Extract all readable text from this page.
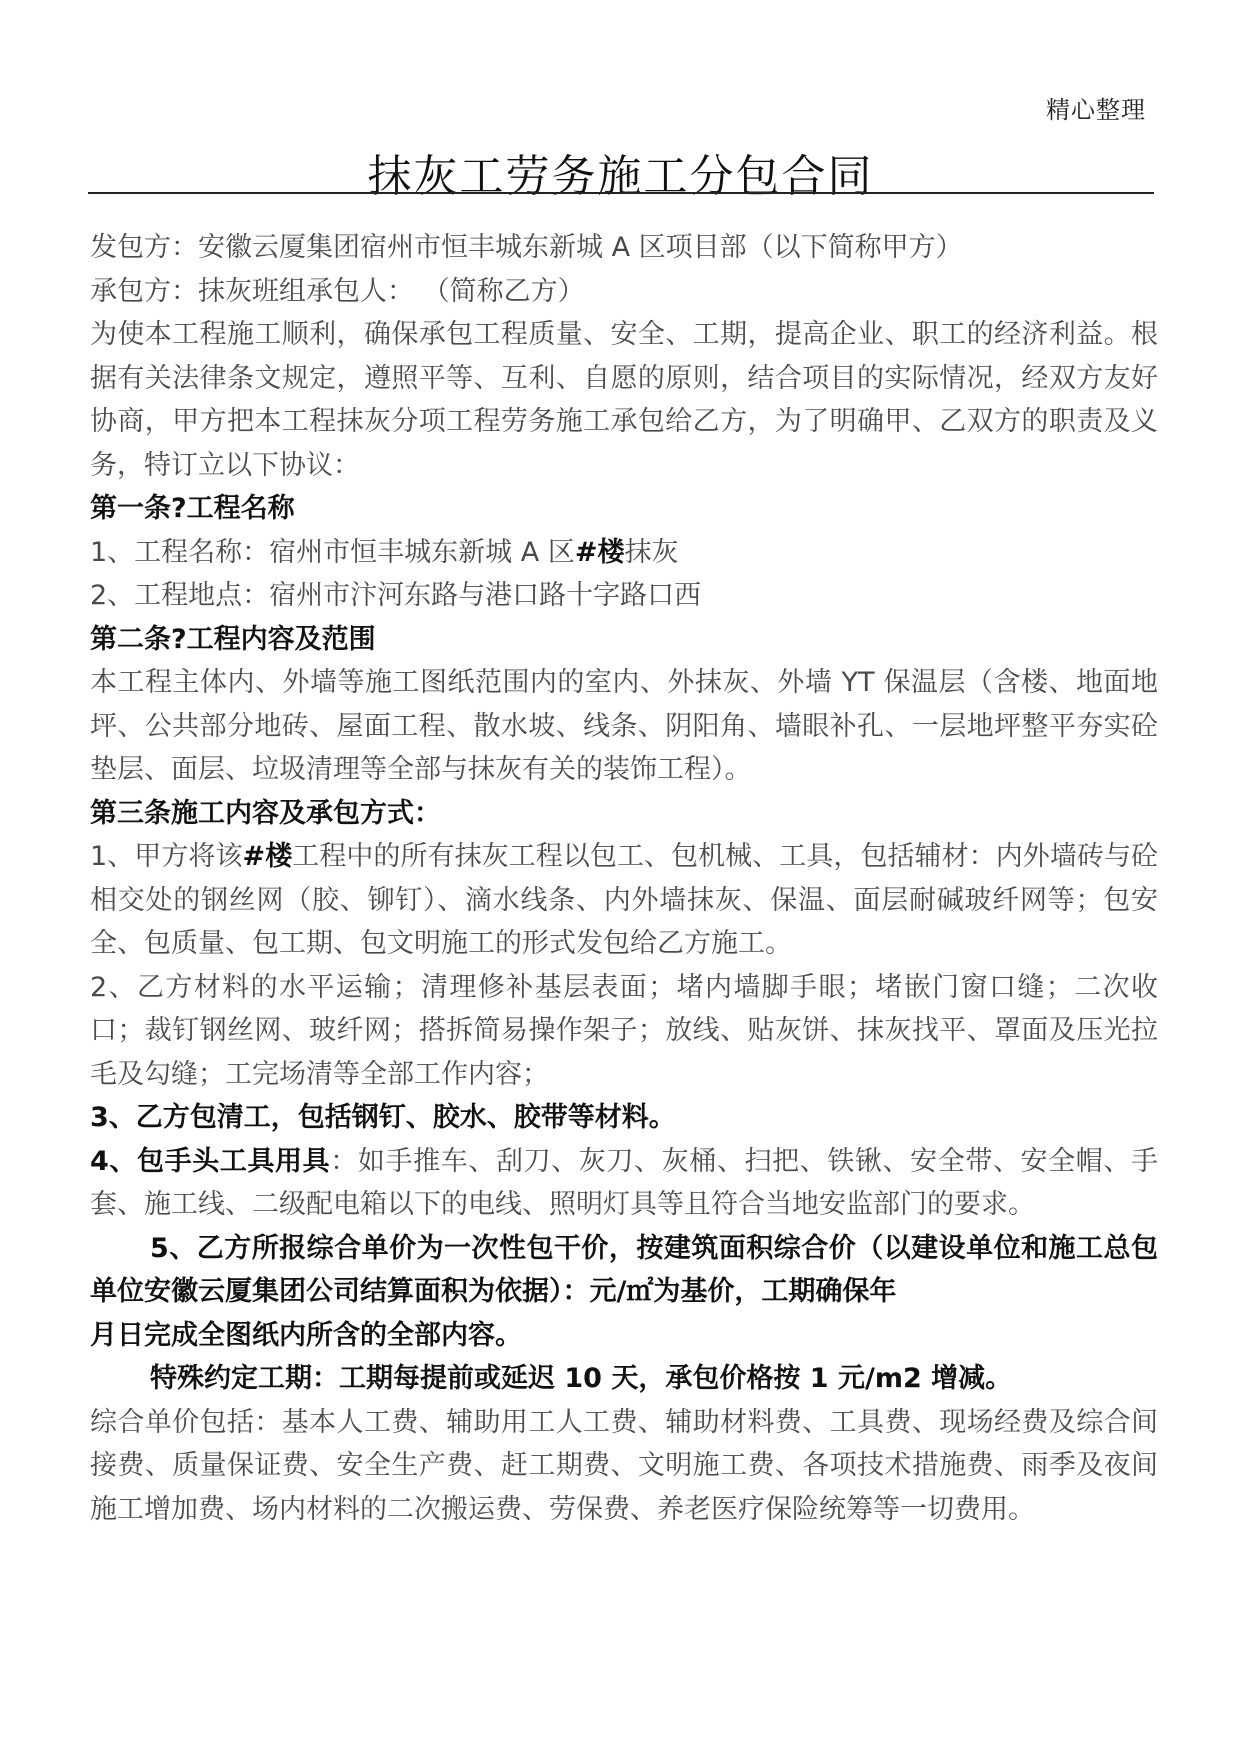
精心整理
抹灰工劳务施工分包合同

发包方：安徽云厦集团宿州市恒丰城东新城 A 区项目部（以下简称甲方）

承包方：抹灰班组承包人： （简称乙方）

为使本工程施工顺利，确保承包工程质量、安全、工期，提高企业、职工的经济利益。根据有关法律条文规定，遵照平等、互利、自愿的原则，结合项目的实际情况，经双方友好协商，甲方把本工程抹灰分项工程劳务施工承包给乙方，为了明确甲、乙双方的职责及义务，特订立以下协议：

第一条?工程名称

1、工程名称：宿州市恒丰城东新城 A 区#楼抹灰

2、工程地点：宿州市汴河东路与港口路十字路口西

第二条?工程内容及范围

本工程主体内、外墙等施工图纸范围内的室内、外抹灰、外墙 YT 保温层（含楼、地面地坪、公共部分地砖、屋面工程、散水坡、线条、阴阳角、墙眼补孔、一层地坪整平夯实砼垫层、面层、垃圾清理等全部与抹灰有关的装饰工程）。

第三条施工内容及承包方式：

1、甲方将该#楼工程中的所有抹灰工程以包工、包机械、工具，包括辅材：内外墙砖与砼相交处的钢丝网（胶、铆钉）、滴水线条、内外墙抹灰、保温、面层耐碱玻纤网等；包安全、包质量、包工期、包文明施工的形式发包给乙方施工。

2、乙方材料的水平运输；清理修补基层表面；堵内墙脚手眼；堵嵌门窗口缝；二次收口；裁钉钢丝网、玻纤网；搭拆简易操作架子；放线、贴灰饼、抹灰找平、罩面及压光拉毛及勾缝；工完场清等全部工作内容；

3、乙方包清工，包括钢钉、胶水、胶带等材料。

4、包手头工具用具：如手推车、刮刀、灰刀、灰桶、扫把、铁锹、安全带、安全帽、手套、施工线、二级配电箱以下的电线、照明灯具等且符合当地安监部门的要求。

5、乙方所报综合单价为一次性包干价，按建筑面积综合价（以建设单位和施工总包单位安徽云厦集团公司结算面积为依据）：元/㎡为基价，工期确保年

月日完成全图纸内所含的全部内容。

特殊约定工期：工期每提前或延迟 10 天，承包价格按 1 元/m2 增减。

综合单价包括：基本人工费、辅助用工人工费、辅助材料费、工具费、现场经费及综合间接费、质量保证费、安全生产费、赶工期费、文明施工费、各项技术措施费、雨季及夜间施工增加费、场内材料的二次搬运费、劳保费、养老医疗保险统筹等一切费用。
